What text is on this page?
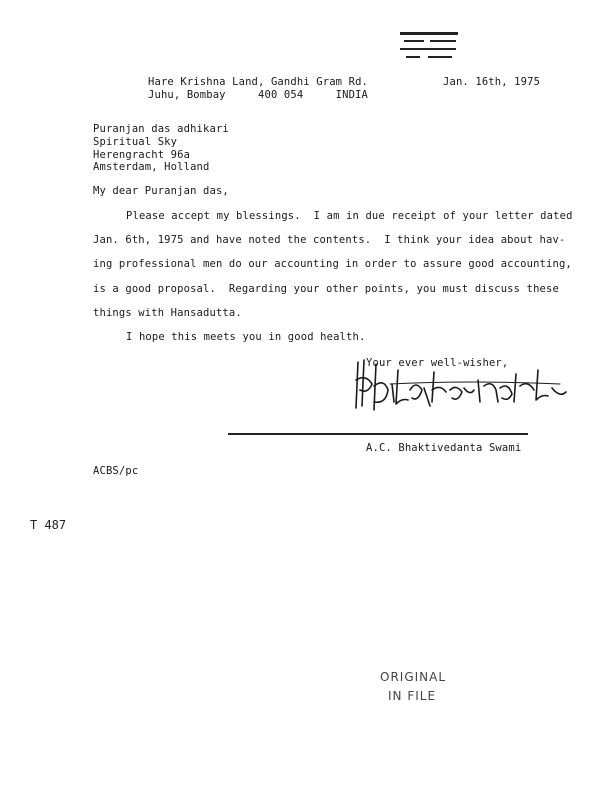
Hare Krishna Land, Gandhi Gram Rd.
Juhu, Bombay     400 054     INDIA
Jan. 16th, 1975
Puranjan das adhikari
Spiritual Sky
Herengracht 96a
Amsterdam, Holland
My dear Puranjan das,
Please accept my blessings.  I am in due receipt of your letter dated
Jan. 6th, 1975 and have noted the contents.  I think your idea about hav-
ing professional men do our accounting in order to assure good accounting,
is a good proposal.  Regarding your other points, you must discuss these
things with Hansadutta.
I hope this meets you in good health.
Your ever well-wisher,
A.C. Bhaktivedanta Swami
ACBS/pc
T 487
ORIGINAL
IN FILE
